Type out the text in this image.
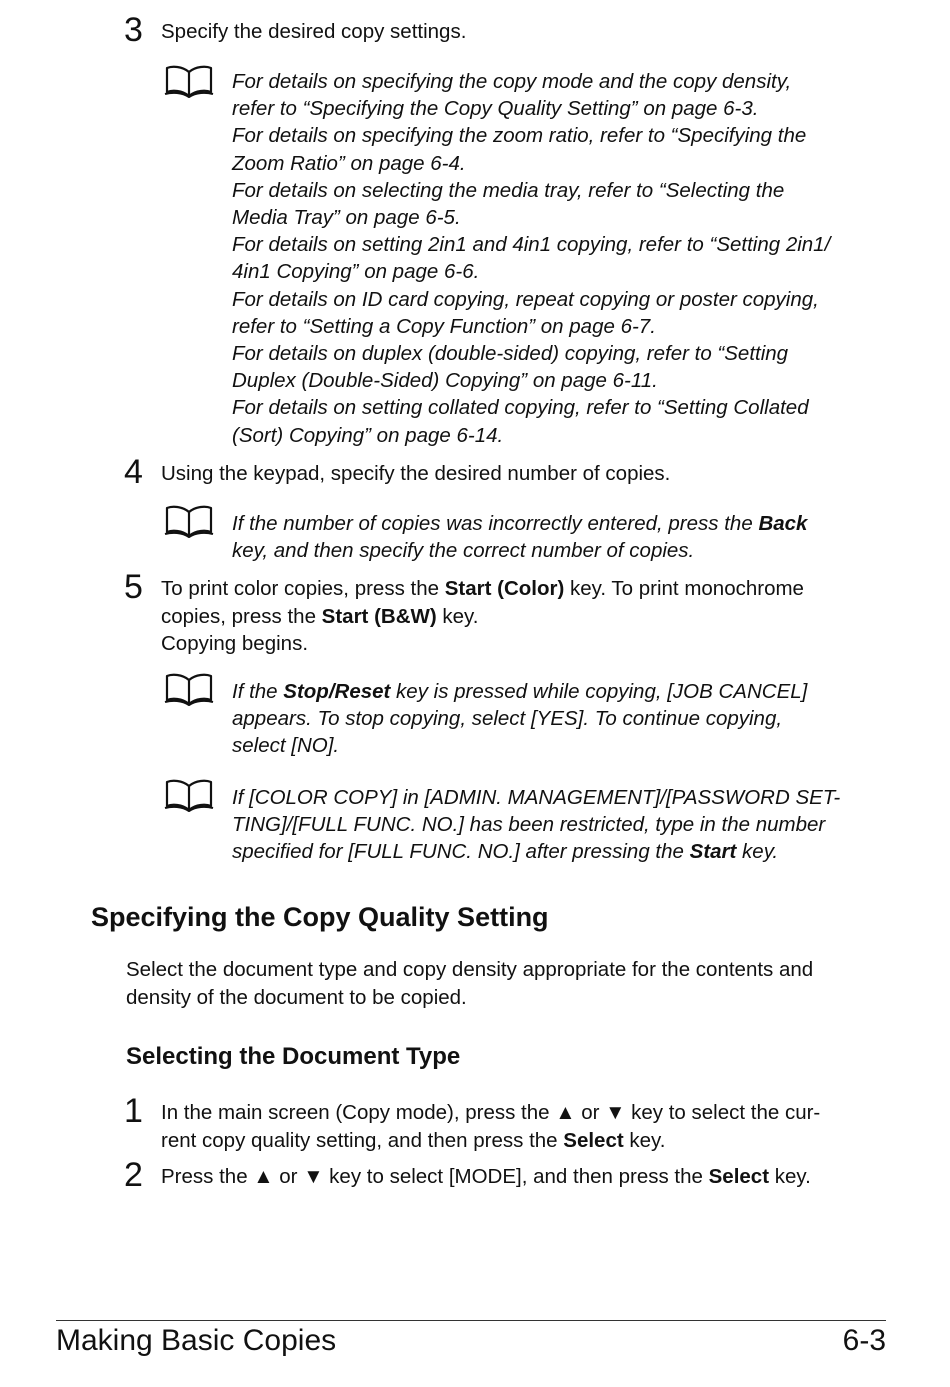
3 Specify the desired copy settings.
For details on specifying the copy mode and the copy density,
refer to “Specifying the Copy Quality Setting” on page 6-3.
For details on specifying the zoom ratio, refer to “Specifying the
Zoom Ratio” on page 6-4.
For details on selecting the media tray, refer to “Selecting the
Media Tray” on page 6-5.
For details on setting 2in1 and 4in1 copying, refer to “Setting 2in1/
4in1 Copying” on page 6-6.
For details on ID card copying, repeat copying or poster copying,
refer to “Setting a Copy Function” on page 6-7.
For details on duplex (double-sided) copying, refer to “Setting
Duplex (Double-Sided) Copying” on page 6-11.
For details on setting collated copying, refer to “Setting Collated
(Sort) Copying” on page 6-14.
4 Using the keypad, specify the desired number of copies.
If the number of copies was incorrectly entered, press the Back
key, and then specify the correct number of copies.
5 To print color copies, press the Start (Color) key. To print monochrome
copies, press the Start (B&W) key.
Copying begins.
If the Stop/Reset key is pressed while copying, [JOB CANCEL]
appears. To stop copying, select [YES]. To continue copying,
select [NO].
If [COLOR COPY] in [ADMIN. MANAGEMENT]/[PASSWORD SET-
TING]/[FULL FUNC. NO.] has been restricted, type in the number
specified for [FULL FUNC. NO.] after pressing the Start key.
Specifying the Copy Quality Setting
Select the document type and copy density appropriate for the contents and
density of the document to be copied.
Selecting the Document Type
1 In the main screen (Copy mode), press the ▲ or ▼ key to select the cur-
rent copy quality setting, and then press the Select key.
2 Press the ▲ or ▼ key to select [MODE], and then press the Select key.
Making Basic Copies	6-3
